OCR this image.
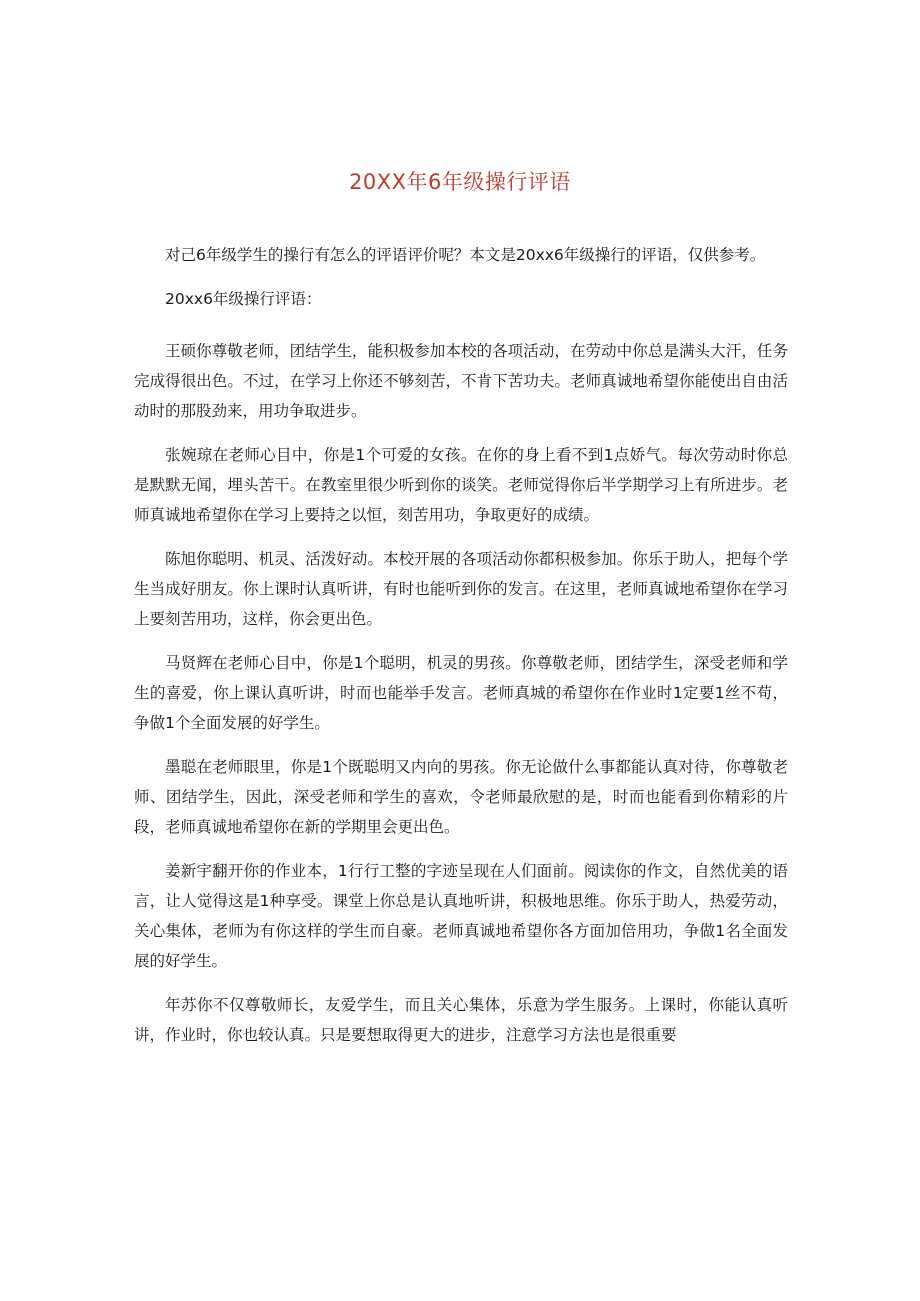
20XX年6年级操行评语

对己6年级学生的操行有怎么的评语评价呢？本文是20xx6年级操行的评语，仅供参考。

20xx6年级操行评语：

王硕你尊敬老师，团结学生，能积极参加本校的各项活动，在劳动中你总是满头大汗，任务完成得很出色。不过，在学习上你还不够刻苦，不肯下苦功夫。老师真诚地希望你能使出自由活动时的那股劲来，用功争取进步。

张婉琼在老师心目中，你是1个可爱的女孩。在你的身上看不到1点娇气。每次劳动时你总是默默无闻，埋头苦干。在教室里很少听到你的谈笑。老师觉得你后半学期学习上有所进步。老师真诚地希望你在学习上要持之以恒，刻苦用功，争取更好的成绩。

陈旭你聪明、机灵、活泼好动。本校开展的各项活动你都积极参加。你乐于助人，把每个学生当成好朋友。你上课时认真听讲，有时也能听到你的发言。在这里，老师真诚地希望你在学习上要刻苦用功，这样，你会更出色。

马贤辉在老师心目中，你是1个聪明，机灵的男孩。你尊敬老师，团结学生，深受老师和学生的喜爱，你上课认真听讲，时而也能举手发言。老师真城的希望你在作业时1定要1丝不苟，争做1个全面发展的好学生。

墨聪在老师眼里，你是1个既聪明又内向的男孩。你无论做什么事都能认真对待，你尊敬老师、团结学生，因此，深受老师和学生的喜欢，令老师最欣慰的是，时而也能看到你精彩的片段，老师真诚地希望你在新的学期里会更出色。

姜新宇翻开你的作业本，1行行工整的字迹呈现在人们面前。阅读你的作文，自然优美的语言，让人觉得这是1种享受。课堂上你总是认真地听讲，积极地思维。你乐于助人，热爱劳动，关心集体，老师为有你这样的学生而自豪。老师真诚地希望你各方面加倍用功，争做1名全面发展的好学生。

年苏你不仅尊敬师长，友爱学生，而且关心集体，乐意为学生服务。上课时，你能认真听讲，作业时，你也较认真。只是要想取得更大的进步，注意学习方法也是很重要
